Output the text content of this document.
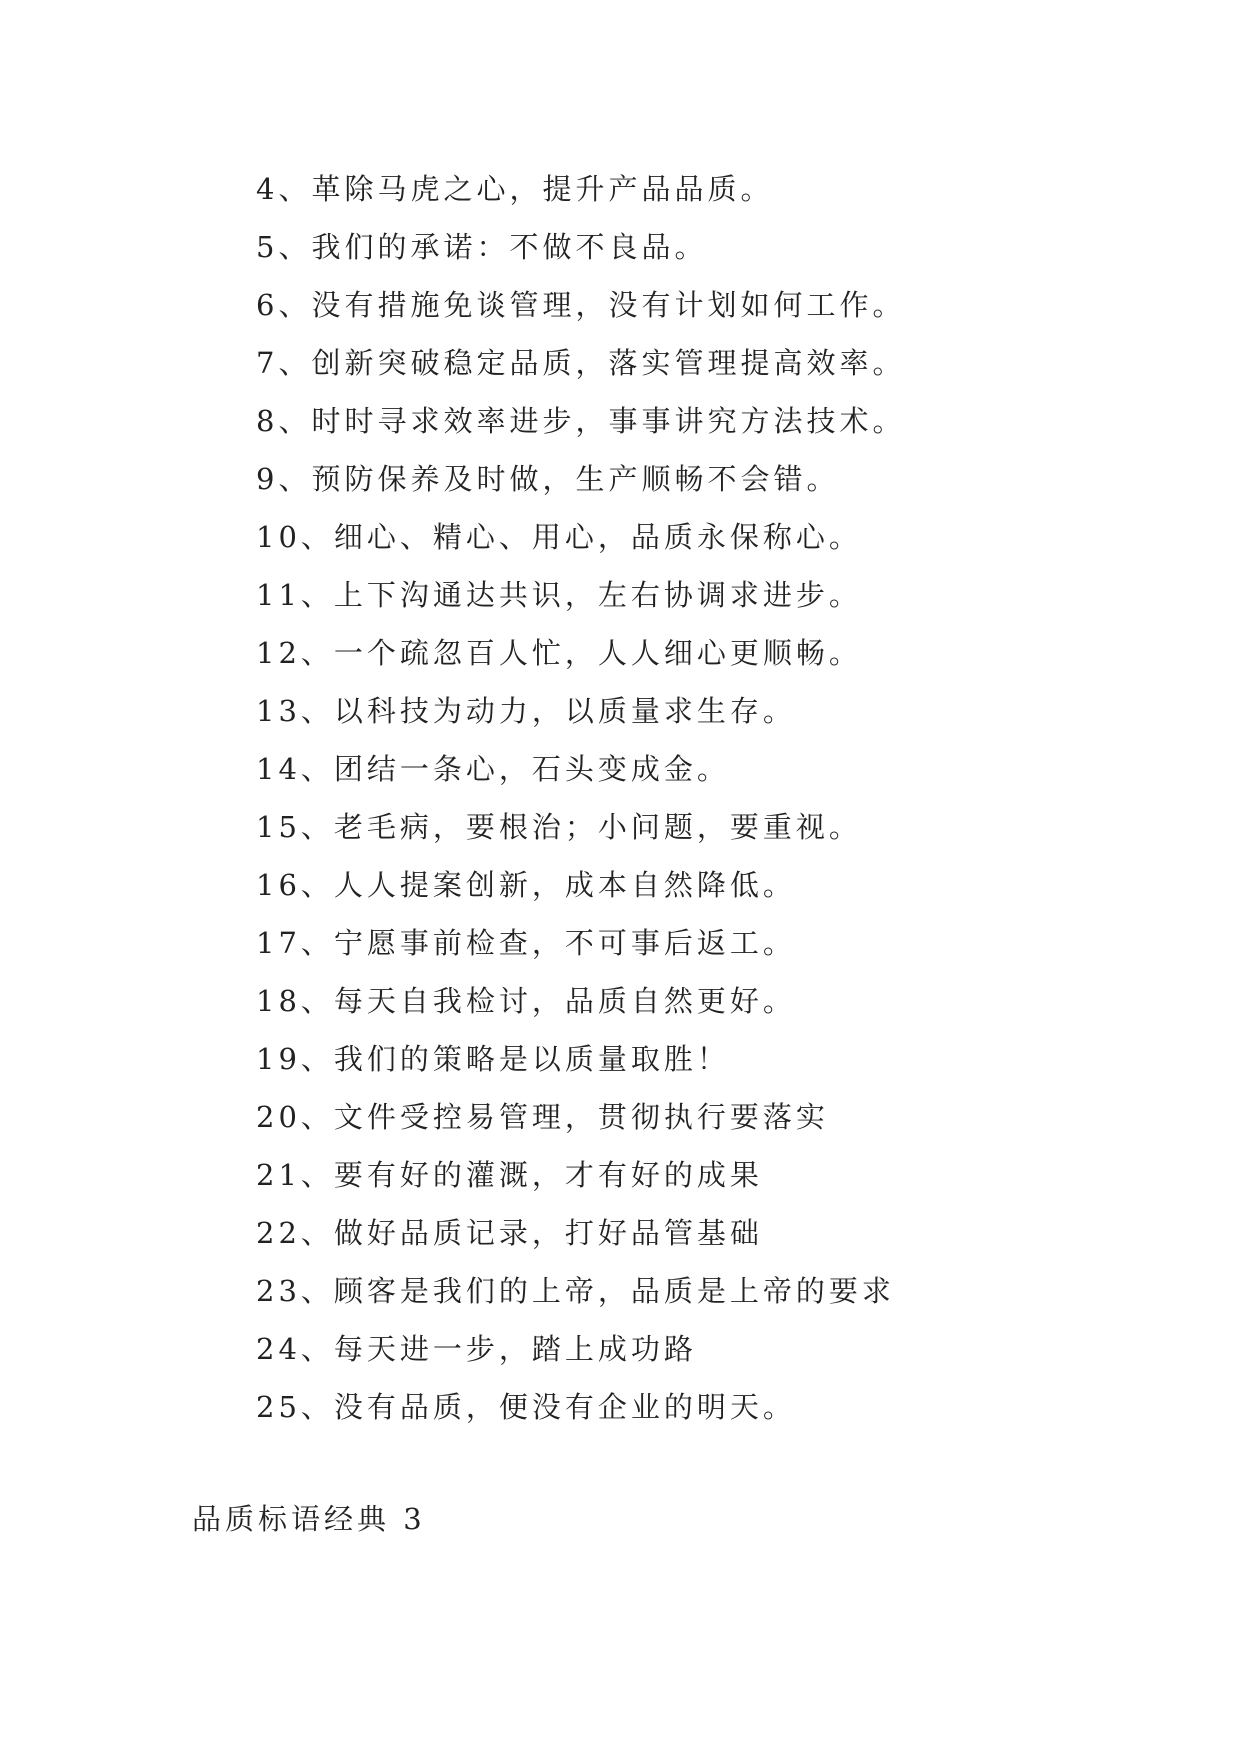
4、革除马虎之心，提升产品品质。
5、我们的承诺：不做不良品。
6、没有措施免谈管理，没有计划如何工作。
7、创新突破稳定品质，落实管理提高效率。
8、时时寻求效率进步，事事讲究方法技术。
9、预防保养及时做，生产顺畅不会错。
10、细心、精心、用心，品质永保称心。
11、上下沟通达共识，左右协调求进步。
12、一个疏忽百人忙，人人细心更顺畅。
13、以科技为动力，以质量求生存。
14、团结一条心，石头变成金。
15、老毛病，要根治；小问题，要重视。
16、人人提案创新，成本自然降低。
17、宁愿事前检查，不可事后返工。
18、每天自我检讨，品质自然更好。
19、我们的策略是以质量取胜！
20、文件受控易管理，贯彻执行要落实
21、要有好的灌溉，才有好的成果
22、做好品质记录，打好品管基础
23、顾客是我们的上帝，品质是上帝的要求
24、每天进一步，踏上成功路
25、没有品质，便没有企业的明天。
品质标语经典 3
